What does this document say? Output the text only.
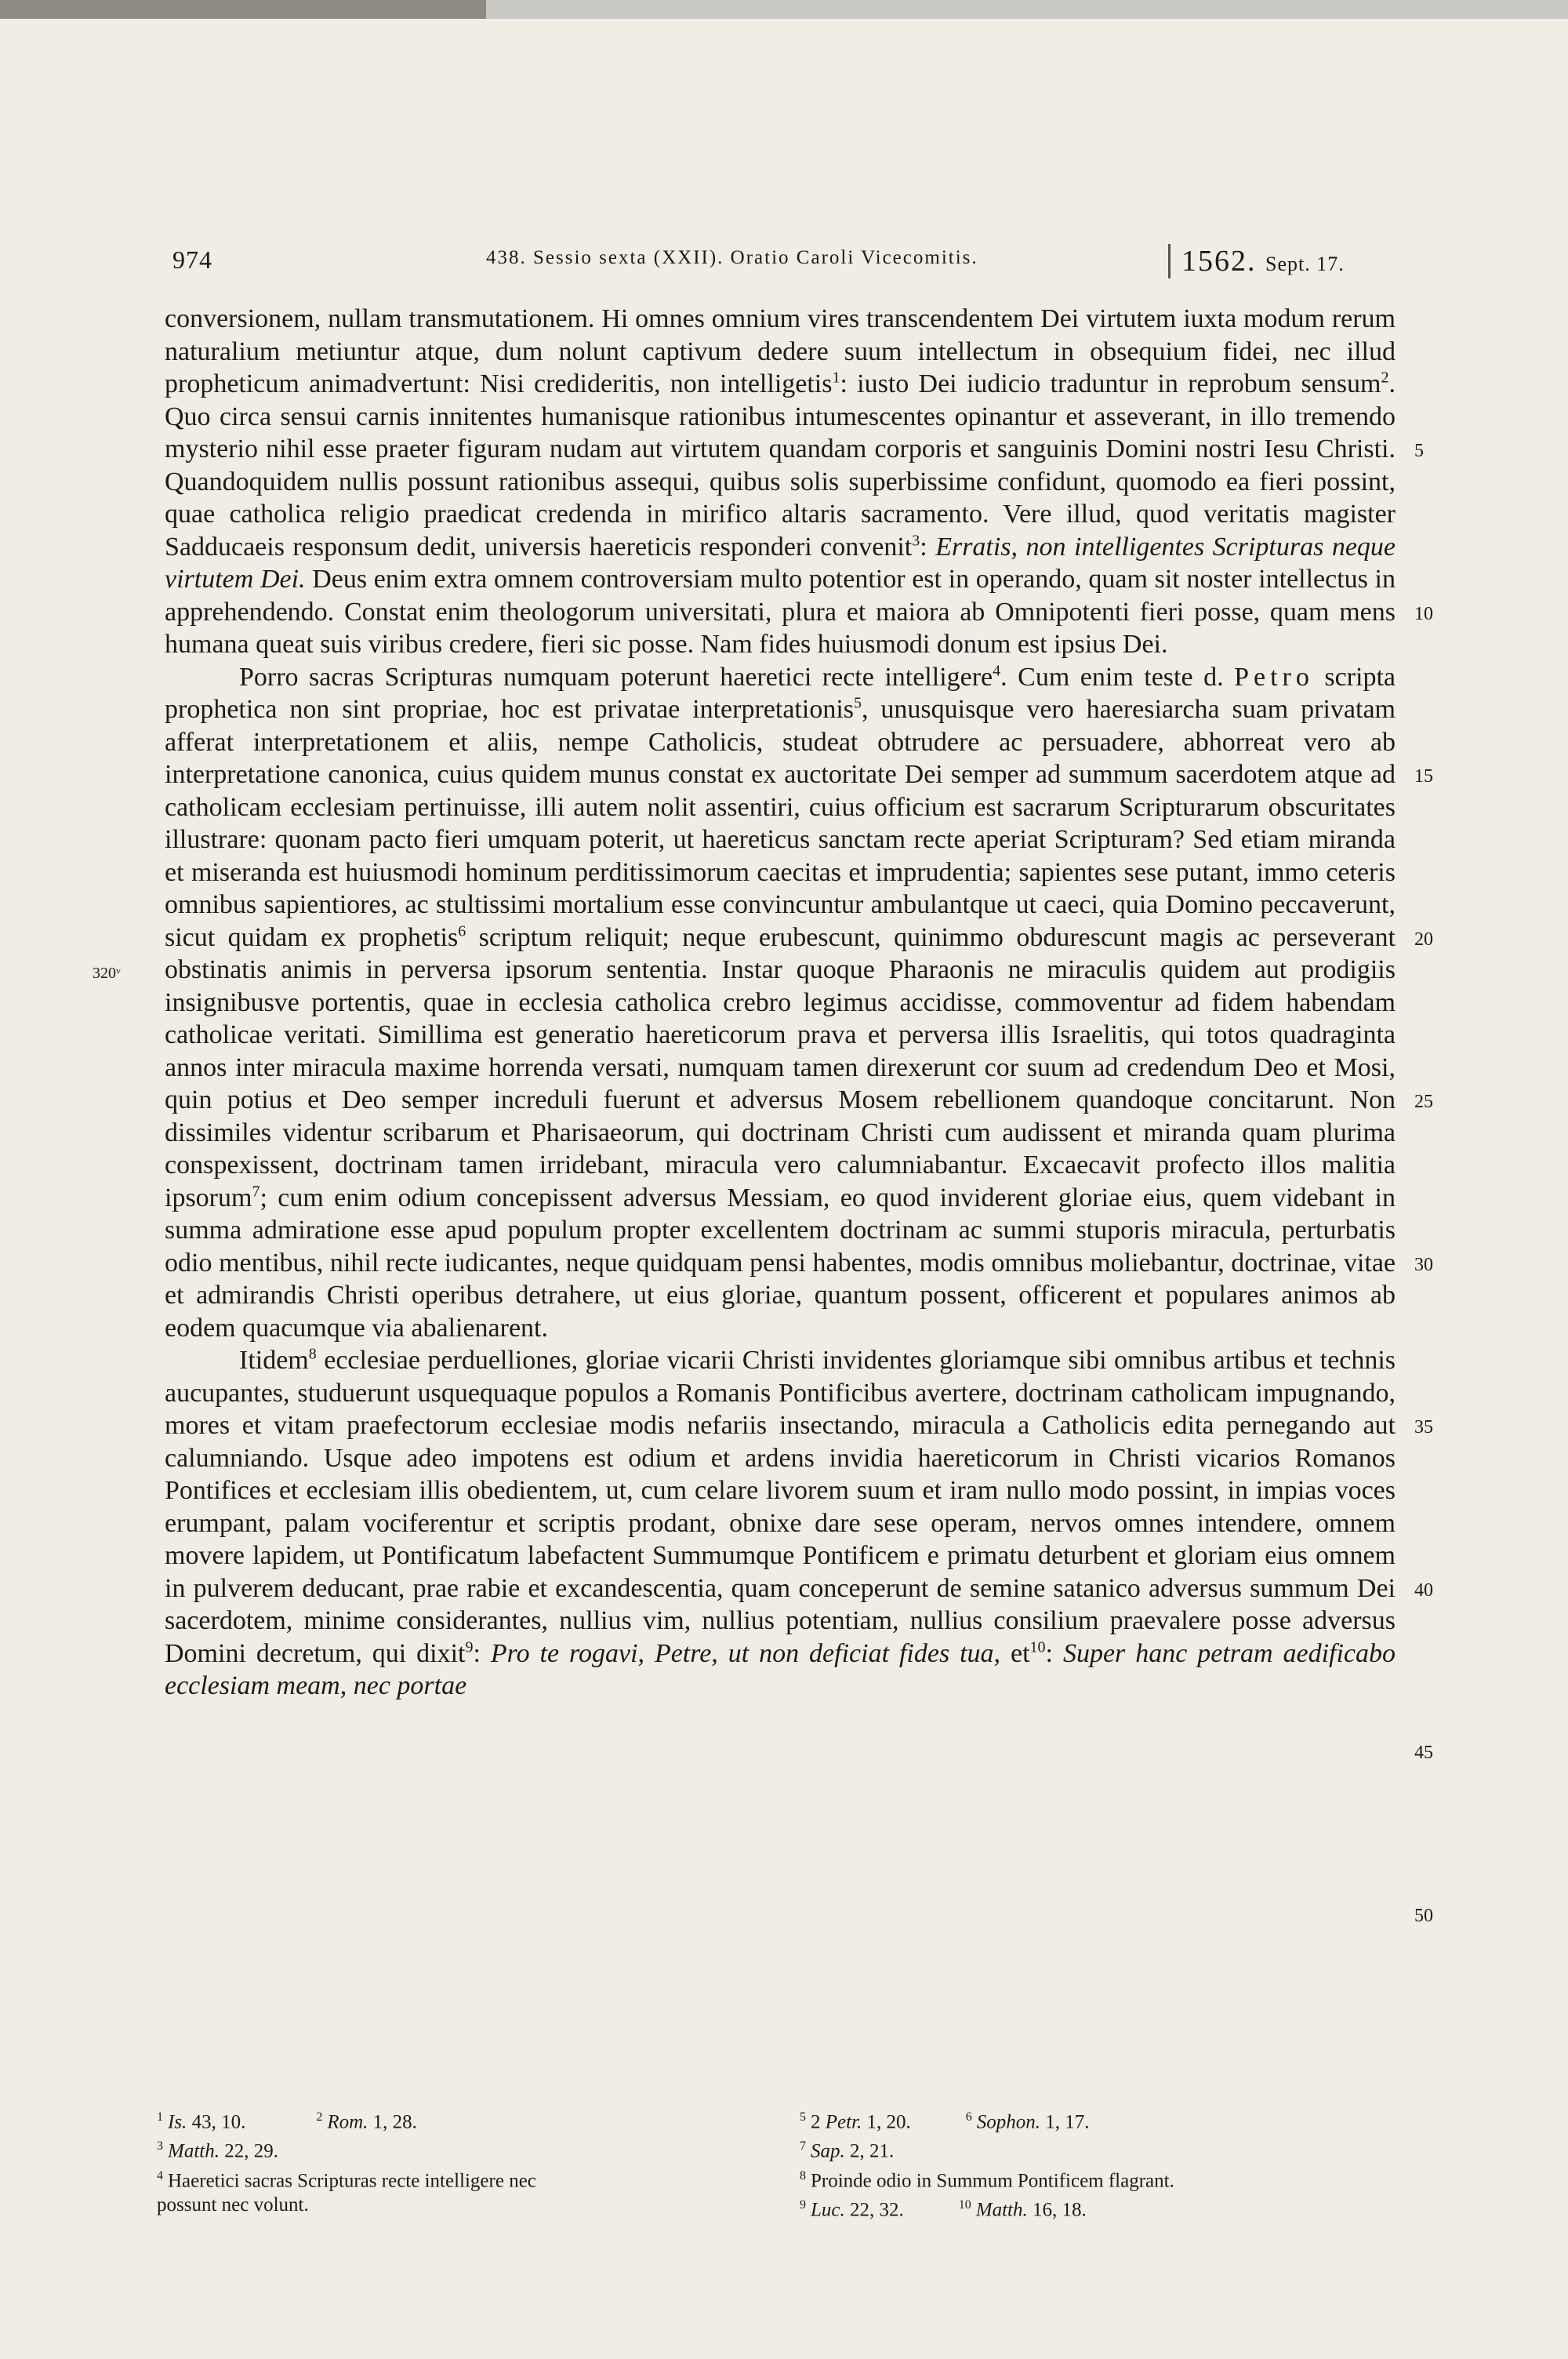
974	438. Sessio sexta (XXII). Oratio Caroli Vicecomitis.	1562. Sept. 17.
320ᵛ
5
10
15
20
25
30
35
40
45
50

conversionem, nullam transmutationem. Hi omnes omnium vires transcendentem Dei virtutem iuxta modum rerum naturalium metiuntur atque, dum nolunt captivum dedere suum intellectum in obsequium fidei, nec illud propheticum animadvertunt: Nisi credideritis, non intelligetis$^1$: iusto Dei iudicio traduntur in reprobum sensum$^2$. Quo circa sensui carnis innitentes humanisque rationibus intumescentes opinantur et asseverant, in illo tremendo mysterio nihil esse praeter figuram nudam aut virtutem quandam corporis et sanguinis Domini nostri Iesu Christi. Quandoquidem nullis possunt rationibus assequi, quibus solis superbissime confidunt, quomodo ea fieri possint, quae catholica religio praedicat credenda in mirifico altaris sacramento. Vere illud, quod veritatis magister Sadducaeis responsum dedit, universis haereticis responderi convenit$^3$: Erratis, non intelligentes Scripturas neque virtutem Dei. Deus enim extra omnem controversiam multo potentior est in operando, quam sit noster intellectus in apprehendendo. Constat enim theologorum universitati, plura et maiora ab Omnipotenti fieri posse, quam mens humana queat suis viribus credere, fieri sic posse. Nam fides huiusmodi donum est ipsius Dei.

Porro sacras Scripturas numquam poterunt haeretici recte intelligere$^4$. Cum enim teste d. Petro scripta prophetica non sint propriae, hoc est privatae interpretationis$^5$, unusquisque vero haeresiarcha suam privatam afferat interpretationem et aliis, nempe Catholicis, studeat obtrudere ac persuadere, abhorreat vero ab interpretatione canonica, cuius quidem munus constat ex auctoritate Dei semper ad summum sacerdotem atque ad catholicam ecclesiam pertinuisse, illi autem nolit assentiri, cuius officium est sacrarum Scripturarum obscuritates illustrare: quonam pacto fieri umquam poterit, ut haereticus sanctam recte aperiat Scripturam? Sed etiam miranda et miseranda est huiusmodi hominum perditissimorum caecitas et imprudentia; sapientes sese putant, immo ceteris omnibus sapientiores, ac stultissimi mortalium esse convincuntur ambulantque ut caeci, quia Domino peccaverunt, sicut quidam ex prophetis$^6$ scriptum reliquit; neque erubescunt, quinimmo obdurescunt magis ac perseverant obstinatis animis in perversa ipsorum sententia. Instar quoque Pharaonis ne miraculis quidem aut prodigiis insignibusve portentis, quae in ecclesia catholica crebro legimus accidisse, commoventur ad fidem habendam catholicae veritati. Simillima est generatio haereticorum prava et perversa illis Israelitis, qui totos quadraginta annos inter miracula maxime horrenda versati, numquam tamen direxerunt cor suum ad credendum Deo et Mosi, quin potius et Deo semper increduli fuerunt et adversus Mosem rebellionem quandoque concitarunt. Non dissimiles videntur scribarum et Pharisaeorum, qui doctrinam Christi cum audissent et miranda quam plurima conspexissent, doctrinam tamen irridebant, miracula vero calumniabantur. Excaecavit profecto illos malitia ipsorum$^7$; cum enim odium concepissent adversus Messiam, eo quod inviderent gloriae eius, quem videbant in summa admiratione esse apud populum propter excellentem doctrinam ac summi stuporis miracula, perturbatis odio mentibus, nihil recte iudicantes, neque quidquam pensi habentes, modis omnibus moliebantur, doctrinae, vitae et admirandis Christi operibus detrahere, ut eius gloriae, quantum possent, officerent et populares animos ab eodem quacumque via abalienarent.

Itidem$^8$ ecclesiae perduelliones, gloriae vicarii Christi invidentes gloriamque sibi omnibus artibus et technis aucupantes, studuerunt usquequaque populos a Romanis Pontificibus avertere, doctrinam catholicam impugnando, mores et vitam praefectorum ecclesiae modis nefariis insectando, miracula a Catholicis edita pernegando aut calumniando. Usque adeo impotens est odium et ardens invidia haereticorum in Christi vicarios Romanos Pontifices et ecclesiam illis obedientem, ut, cum celare livorem suum et iram nullo modo possint, in impias voces erumpant, palam vociferentur et scriptis prodant, obnixe dare sese operam, nervos omnes intendere, omnem movere lapidem, ut Pontificatum labefactent Summumque Pontificem e primatu deturbent et gloriam eius omnem in pulverem deducant, prae rabie et excandescentia, quam conceperunt de semine satanico adversus summum Dei sacerdotem, minime considerantes, nullius vim, nullius potentiam, nullius consilium praevalere posse adversus Domini decretum, qui dixit$^9$: Pro te rogavi, Petre, ut non deficiat fides tua, $et^{10}$: Super hanc petram aedificabo ecclesiam meam, nec portae

$^1$ Is. 43, 10.	$^2$ Rom. 1, 28.
$^3$ Matth. 22, 29.
$^4$ Haeretici sacras Scripturas recte intelligere nec
possunt nec volunt.
$^5$ 2 Petr. 1, 20.	$^6$ Sophon. 1, 17.
$^7$ Sap. 2, 21.
$^8$ Proinde odio in Summum Pontificem flagrant.
$^9$ Luc. 22, 32.	$^{10}$ Matth. 16, 18.
